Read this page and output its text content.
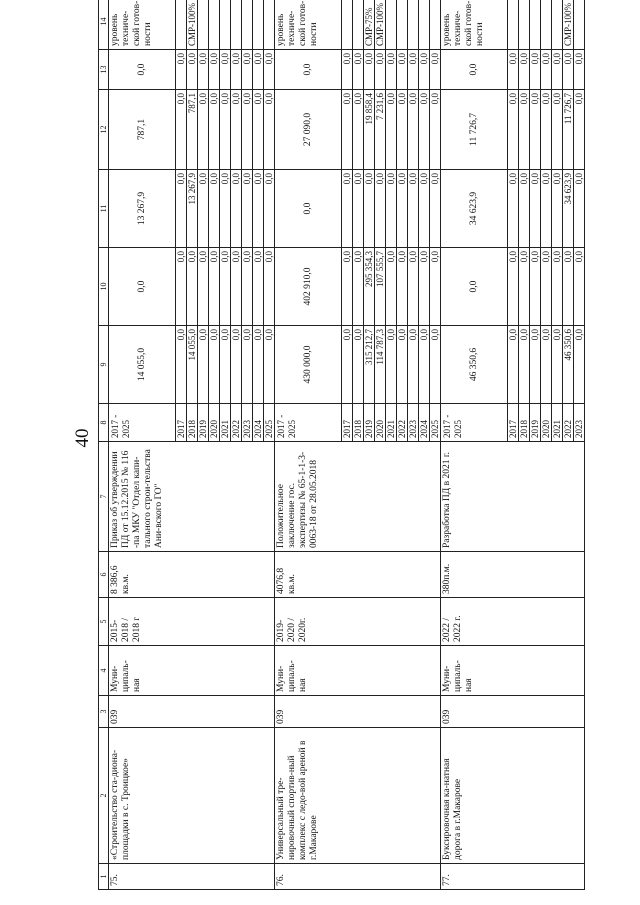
40
1	2	3	4	5	6	7	8	9	10	11	12	13	14
75.	«Строительство ста-диона-площадки в с. Троицкое»	039	Муни-ципаль-ная	2015-2018 / 2018 г	8 386,6 кв.м.	Приказ об утверждении ПД от 15.12.2015 № 116 -па МКУ "Отдел капи-тального строи-тельства Ани-вского ГО"	2017 - 2025	14 055,0	0,0	13 267,9	787,1	0,0	уровень техниче-ской готов-ности
							2017	0,0	0,0	0,0	0,0	0,0	
							2018	14 055,0	0,0	13 267,9	787,1	0,0	СМР-100%
							2019	0,0	0,0	0,0	0,0	0,0	
							2020	0,0	0,0	0,0	0,0	0,0	
							2021	0,0	0,0	0,0	0,0	0,0	
							2022	0,0	0,0	0,0	0,0	0,0	
							2023	0,0	0,0	0,0	0,0	0,0	
							2024	0,0	0,0	0,0	0,0	0,0	
							2025	0,0	0,0	0,0	0,0	0,0	
76.	Универсальный тре-нировочный спортив-ный комплекс с ледо-вой ареной в г.Макарове	039	Муни-ципаль-ная	2019-2020 / 2020г.	4076,8 кв.м.	Положительное заключение гос. экспертизы № 65-1-1-3-0063-18 от 28.05.2018	2017 - 2025	430 000,0	402 910,0	0,0	27 090,0	0,0	уровень техниче-ской готов-ности
							2017	0,0	0,0	0,0	0,0	0,0	
							2018	0,0	0,0	0,0	0,0	0,0	
							2019	315 212,7	295 354,3	0,0	19 858,4	0,0	СМР-75%
							2020	114 787,3	107 555,7	0,0	7 231,6	0,0	СМР-100%
							2021	0,0	0,0	0,0	0,0	0,0	
							2022	0,0	0,0	0,0	0,0	0,0	
							2023	0,0	0,0	0,0	0,0	0,0	
							2024	0,0	0,0	0,0	0,0	0,0	
							2025	0,0	0,0	0,0	0,0	0,0	
77.	Буксировочная ка-натная дорога в г.Макарове	039	Муни-ципаль-ная	2022 / 2022 г.	380п.м.	Разработка ПД в 2021 г.	2017 - 2025	46 350,6	0,0	34 623,9	11 726,7	0,0	уровень техниче-ской готов-ности
							2017	0,0	0,0	0,0	0,0	0,0	
							2018	0,0	0,0	0,0	0,0	0,0	
							2019	0,0	0,0	0,0	0,0	0,0	
							2020	0,0	0,0	0,0	0,0	0,0	
							2021	0,0	0,0	0,0	0,0	0,0	
							2022	46 350,6	0,0	34 623,9	11 726,7	0,0	СМР-100%
							2023	0,0	0,0	0,0	0,0	0,0	
